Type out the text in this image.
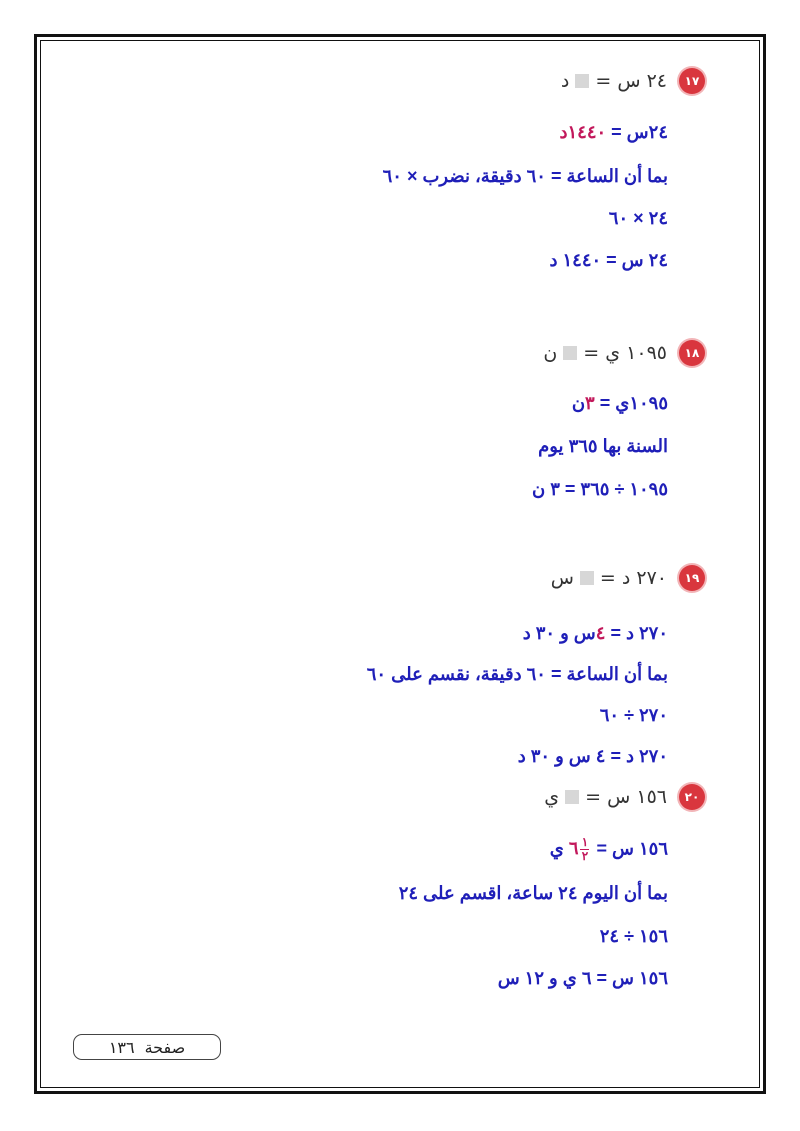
١٧
٢٤ س =
د
٢٤س = ١٤٤٠د
بما أن الساعة = ٦٠ دقيقة، نضرب × ٦٠
٢٤ × ٦٠
٢٤ س = ١٤٤٠ د
١٨
١٠٩٥ ي =
ن
١٠٩٥ي = ٣ن
السنة بها ٣٦٥ يوم
١٠٩٥ ÷ ٣٦٥ = ٣ ن
١٩
٢٧٠ د =
س
٢٧٠ د = ٤س و ٣٠ د
بما أن الساعة = ٦٠ دقيقة، نقسم على ٦٠
٢٧٠ ÷ ٦٠
٢٧٠ د = ٤ س و ٣٠ د
٢٠
١٥٦ س =
ي
١٥٦ س =
$\frac{١}{٢}$
٦ ي
بما أن اليوم ٢٤ ساعة، اقسم على ٢٤
١٥٦ ÷ ٢٤
١٥٦ س = ٦ ي و ١٢ س
صفحة
١٣٦
